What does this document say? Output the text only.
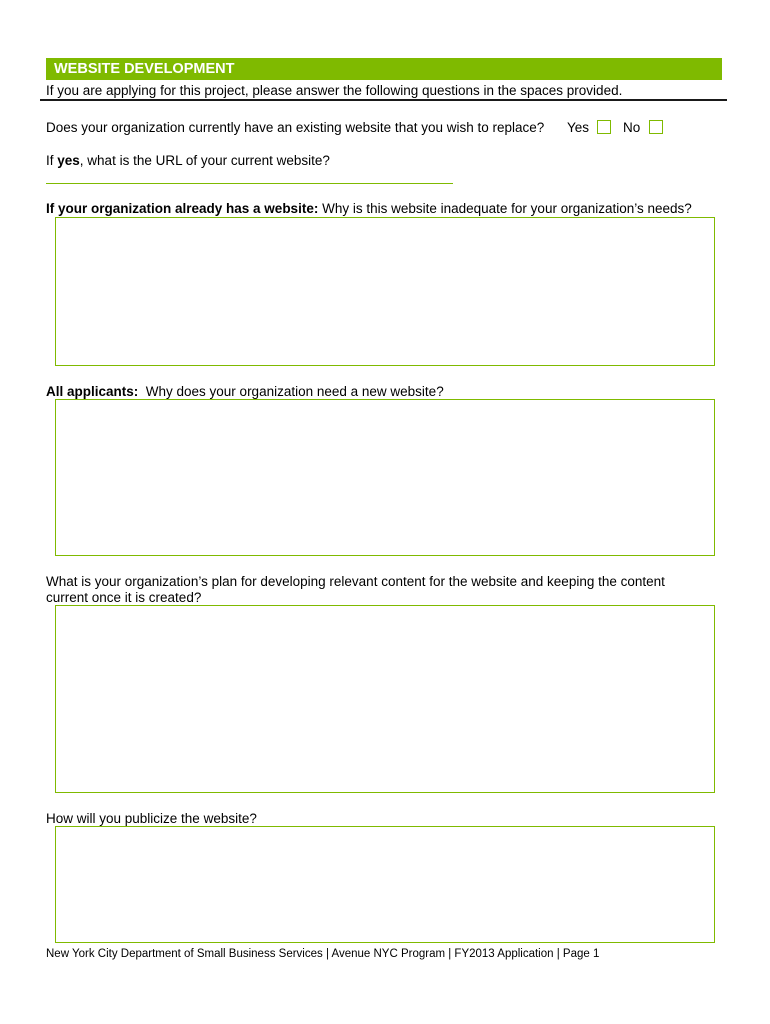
WEBSITE DEVELOPMENT
If you are applying for this project, please answer the following questions in the spaces provided.
Does your organization currently have an existing website that you wish to replace? Yes	No
If yes, what is the URL of your current website?
If your organization already has a website: Why is this website inadequate for your organization’s needs?
All applicants:  Why does your organization need a new website?
What is your organization’s plan for developing relevant content for the website and keeping the content
current once it is created?
How will you publicize the website?
New York City Department of Small Business Services | Avenue NYC Program | FY2013 Application | Page 1
